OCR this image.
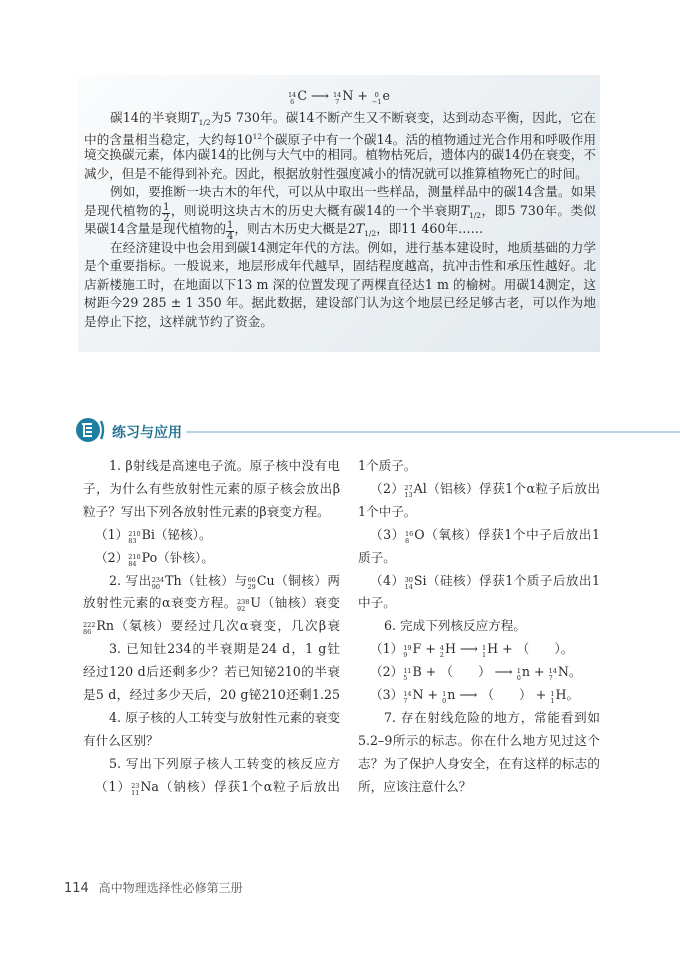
14
6 C ⟶ 14
7 N + 0
−1 e
碳14的半衰期$T_{1/2}$为5 730年。碳14不断产生又不断衰变，达到动态平衡，因此，它在
中的含量相当稳定，大约每$10^{12}$个碳原子中有一个碳14。活的植物通过光合作用和呼吸作用
境交换碳元素，体内碳14的比例与大气中的相同。植物枯死后，遗体内的碳14仍在衰变，不
减少，但是不能得到补充。因此，根据放射性强度减小的情况就可以推算植物死亡的时间。
例如，要推断一块古木的年代，可以从中取出一些样品，测量样品中的碳14含量。如果
是现代植物的 $\frac{1}{2}$ ，则说明这块古木的历史大概有碳14的一个半衰期$T_{1/2}$，即5 730年。类似
果碳14含量是现代植物的 $\frac{1}{4}$ ，则古木历史大概是$2T_{1/2}$，即11 460年……
在经济建设中也会用到碳14测定年代的方法。例如，进行基本建设时，地质基础的力学
是个重要指标。一般说来，地层形成年代越早，固结程度越高，抗冲击性和承压性越好。北
店新楼施工时，在地面以下13 m 深的位置发现了两棵直径达1 m 的榆树。用碳14测定，这
树距今29 285 ± 1 350 年。据此数据，建设部门认为这个地层已经足够古老，可以作为地
是停止下挖，这样就节约了资金。
练习与应用
1. β射线是高速电子流。原子核中没有电
子，为什么有些放射性元素的原子核会放出β
粒子？写出下列各放射性元素的β衰变方程。
（1） 210
83 Bi（铋核）。
（2） 210
84 Po（钋核）。
2. 写出 234
90 Th（钍核）与 66
29 Cu（铜核）两
放射性元素的α衰变方程。 238
92 U（铀核）衰变
222
86 Rn（氡核）要经过几次α衰变，几次β衰
3. 已知钍234的半衰期是24 d，1 g钍
经过120 d后还剩多少？若已知铋210的半衰
是5 d，经过多少天后，20 g铋210还剩1.25
4. 原子核的人工转变与放射性元素的衰变
有什么区别？
5. 写出下列原子核人工转变的核反应方
（1） 23
11 Na（钠核）俘获1个α粒子后放出
1个质子。
（2） 27
13 Al（铝核）俘获1个α粒子后放出
1个中子。
（3） 16
8 O（氧核）俘获1个中子后放出1
质子。
（4） 30
14 Si（硅核）俘获1个质子后放出1
中子。
6. 完成下列核反应方程。
（1） 19
9 F + 4
2 H ⟶ 1
1 H + （　　）。
（2） 11
5 B + （　　） ⟶ 1
0 n + 14
7 N。
（3） 14
7 N + 1
0 n ⟶ （　　） + 1
1 H。
7. 存在射线危险的地方，常能看到如
5.2–9所示的标志。你在什么地方见过这个
志？为了保护人身安全，在有这样的标志的
所，应该注意什么？
114 高中物理选择性必修第三册
